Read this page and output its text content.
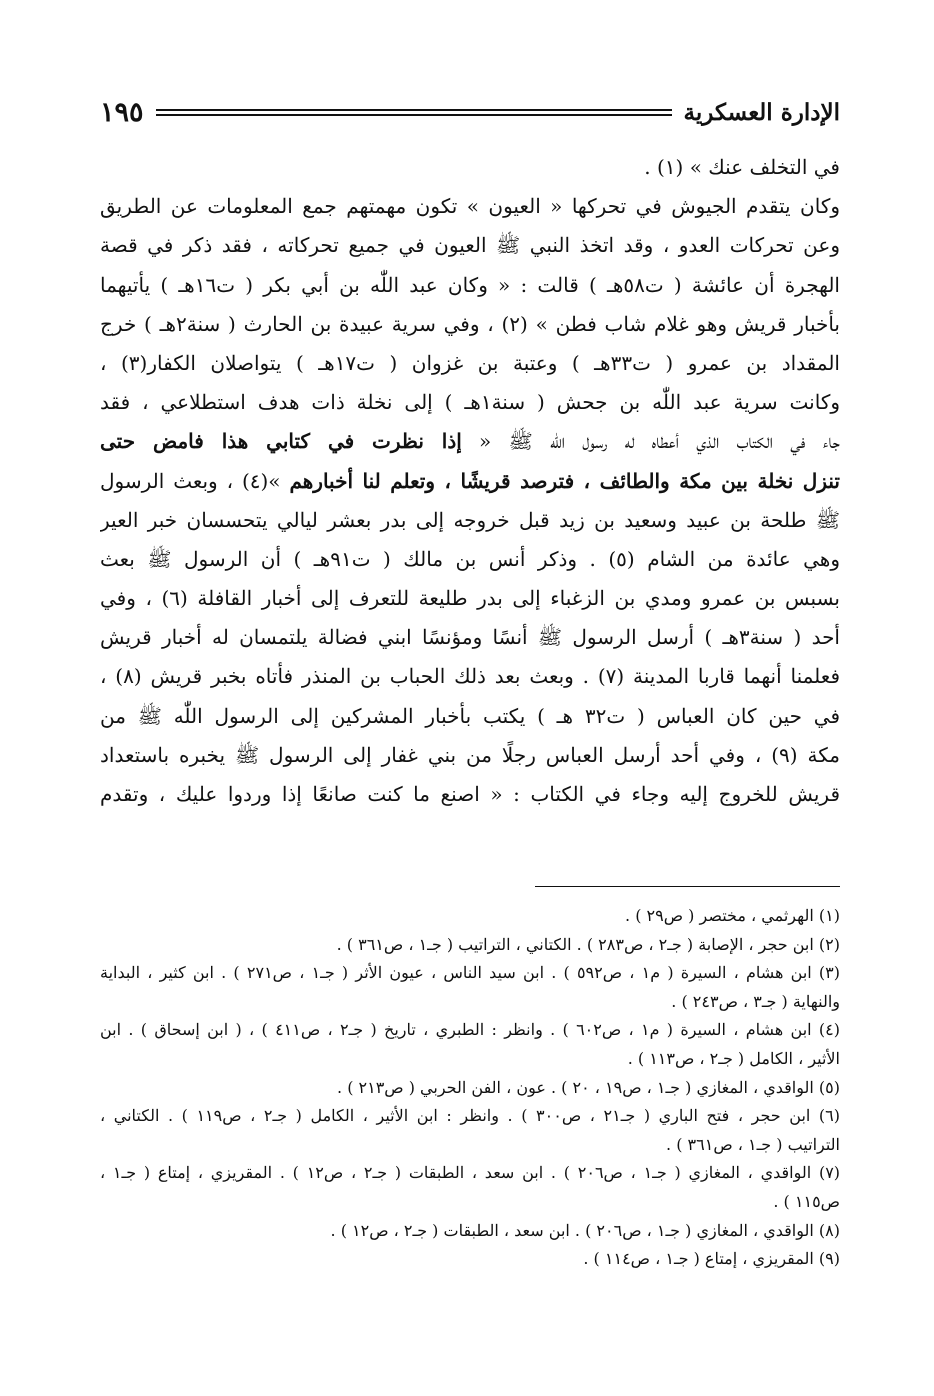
الإدارة العسكرية
١٩٥
في التخلف عنك » (١) .
وكان يتقدم الجيوش في تحركها « العيون » تكون مهمتهم جمع المعلومات عن الطريق
وعن تحركات العدو ، وقد اتخذ النبي ﷺ العيون في جميع تحركاته ، فقد ذكر في قصة
الهجرة أن عائشة ( ت٥٨هـ ) قالت : « وكان عبد اللّٰه بن أبي بكر ( ت١٦هـ ) يأتيهما
بأخبار قريش وهو غلام شاب فطن » (٢) ، وفي سرية عبيدة بن الحارث ( سنة٢هـ ) خرج
المقداد بن عمرو ( ت٣٣هـ ) وعتبة بن غزوان ( ت١٧هـ ) يتواصلان الكفار(٣) ،
وكانت سرية عبد اللّٰه بن جحش ( سنة١هـ ) إلى نخلة ذات هدف استطلاعي ، فقد
جاء في الكتاب الذي أعطاه له رسول اللّٰه ﷺ « إذا نظرت في كتابي هذا فامض حتى
تنزل نخلة بين مكة والطائف ، فترصد قريشًا ، وتعلم لنا أخبارهم »(٤) ، وبعث الرسول
ﷺ طلحة بن عبيد وسعيد بن زيد قبل خروجه إلى بدر بعشر ليالي يتحسسان خبر العير
وهي عائدة من الشام (٥) . وذكر أنس بن مالك ( ت٩١هـ ) أن الرسول ﷺ بعث
بسبس بن عمرو ومدي بن الزغباء إلى بدر طليعة للتعرف إلى أخبار القافلة (٦) ، وفي
أحد ( سنة٣هـ ) أرسل الرسول ﷺ أنسًا ومؤنسًا ابني فضالة يلتمسان له أخبار قريش
فعلمنا أنهما قاربا المدينة (٧) . وبعث بعد ذلك الحباب بن المنذر فأتاه بخبر قريش (٨) ،
في حين كان العباس ( ت٣٢ هـ ) يكتب بأخبار المشركين إلى الرسول اللّٰه ﷺ من
مكة (٩) ، وفي أحد أرسل العباس رجلًا من بني غفار إلى الرسول ﷺ يخبره باستعداد
قريش للخروج إليه وجاء في الكتاب : « اصنع ما كنت صانعًا إذا وردوا عليك ، وتقدم
(١) الهرثمي ، مختصر ( ص٢٩ ) .
(٢) ابن حجر ، الإصابة ( جـ٢ ، ص٢٨٣ ) . الكتاني ، التراتيب ( جـ١ ، ص٣٦١ ) .
(٣) ابن هشام ، السيرة ( م١ ، ص٥٩٢ ) . ابن سيد الناس ، عيون الأثر ( جـ١ ، ص٢٧١ ) . ابن كثير ، البداية
والنهاية ( جـ٣ ، ص٢٤٣ ) .
(٤) ابن هشام ، السيرة ( م١ ، ص٦٠٢ ) . وانظر : الطبري ، تاريخ ( جـ٢ ، ص٤١١ ) ، ( ابن إسحاق ) . ابن
الأثير ، الكامل ( جـ٢ ، ص١١٣ ) .
(٥) الواقدي ، المغازي ( جـ١ ، ص١٩ ، ٢٠ ) . عون ، الفن الحربي ( ص٢١٣ ) .
(٦) ابن حجر ، فتح الباري ( جـ٢١ ، ص٣٠٠ ) . وانظر : ابن الأثير ، الكامل ( جـ٢ ، ص١١٩ ) . الكتاني ،
التراتيب ( جـ١ ، ص٣٦١ ) .
(٧) الواقدي ، المغازي ( جـ١ ، ص٢٠٦ ) . ابن سعد ، الطبقات ( جـ٢ ، ص١٢ ) . المقريزي ، إمتاع ( جـ١ ،
ص١١٥ ) .
(٨) الواقدي ، المغازي ( جـ١ ، ص٢٠٦ ) . ابن سعد ، الطبقات ( جـ٢ ، ص١٢ ) .
(٩) المقريزي ، إمتاع ( جـ١ ، ص١١٤ ) .
